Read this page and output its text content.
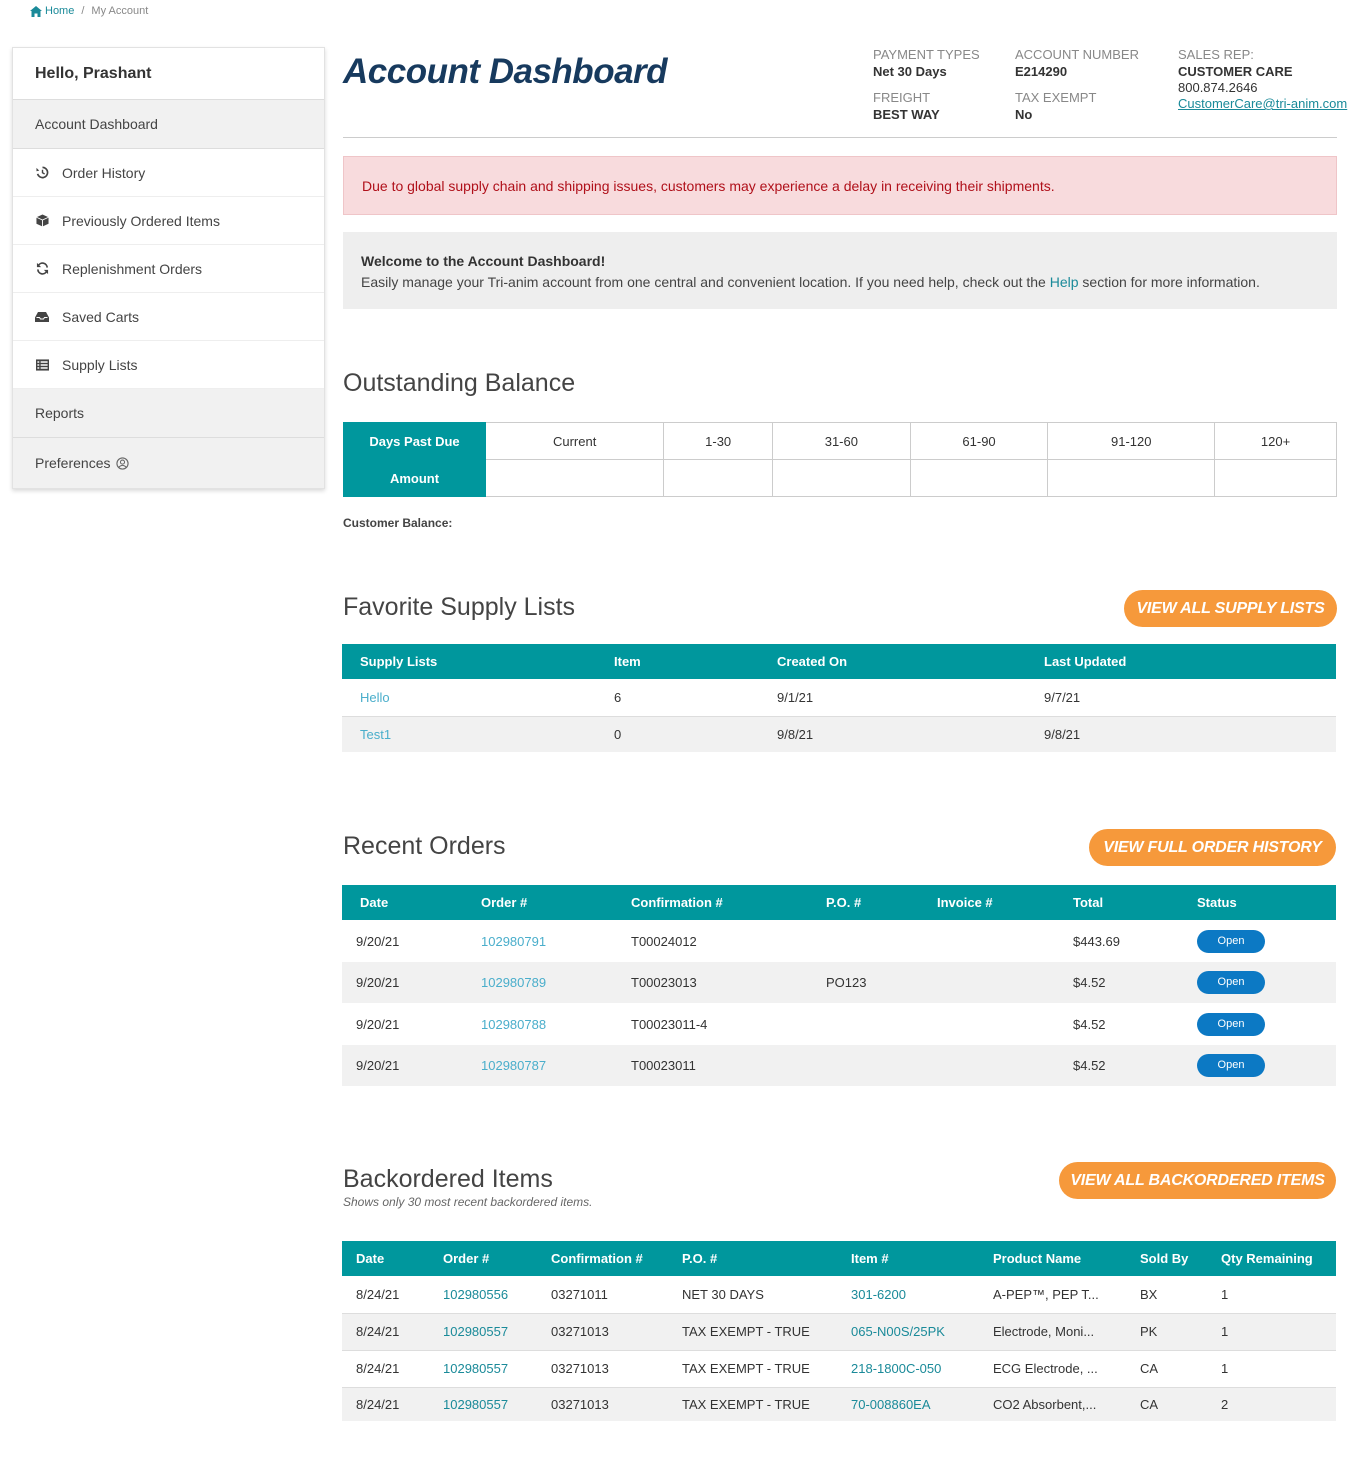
Home / My Account
Hello, Prashant
Account Dashboard
Order History
Previously Ordered Items
Replenishment Orders
Saved Carts
Supply Lists
Reports
Preferences
Account Dashboard	PAYMENT TYPES
Net 30 Days
FREIGHT
BEST WAY
ACCOUNT NUMBER
E214290
TAX EXEMPT
No
SALES REP:
CUSTOMER CARE
800.874.2646
CustomerCare@tri-anim.com
Due to global supply chain and shipping issues, customers may experience a delay in receiving their shipments.
Welcome to the Account Dashboard!
Easily manage your Tri-anim account from one central and convenient location. If you need help, check out the Help section for more information.
Outstanding Balance
Days Past Due	Current	1-30	31-60	61-90	91-120	120+
Amount						
Customer Balance:
Favorite Supply Lists	VIEW ALL SUPPLY LISTS
Supply Lists	Item	Created On	Last Updated
Hello	6	9/1/21	9/7/21
Test1	0	9/8/21	9/8/21
Recent Orders	VIEW FULL ORDER HISTORY
Date	Order #	Confirmation #	P.O. #	Invoice #	Total	Status
9/20/21	102980791	T00024012			$443.69	Open
9/20/21	102980789	T00023013	PO123		$4.52	Open
9/20/21	102980788	T00023011-4			$4.52	Open
9/20/21	102980787	T00023011			$4.52	Open
Backordered Items
Shows only 30 most recent backordered items.
VIEW ALL BACKORDERED ITEMS
Date	Order #	Confirmation #	P.O. #	Item #	Product Name	Sold By	Qty Remaining
8/24/21	102980556	03271011	NET 30 DAYS	301-6200	A-PEP™, PEP T...	BX	1
8/24/21	102980557	03271013	TAX EXEMPT - TRUE	065-N00S/25PK	Electrode, Moni...	PK	1
8/24/21	102980557	03271013	TAX EXEMPT - TRUE	218-1800C-050	ECG Electrode, ...	CA	1
8/24/21	102980557	03271013	TAX EXEMPT - TRUE	70-008860EA	CO2 Absorbent,...	CA	2
